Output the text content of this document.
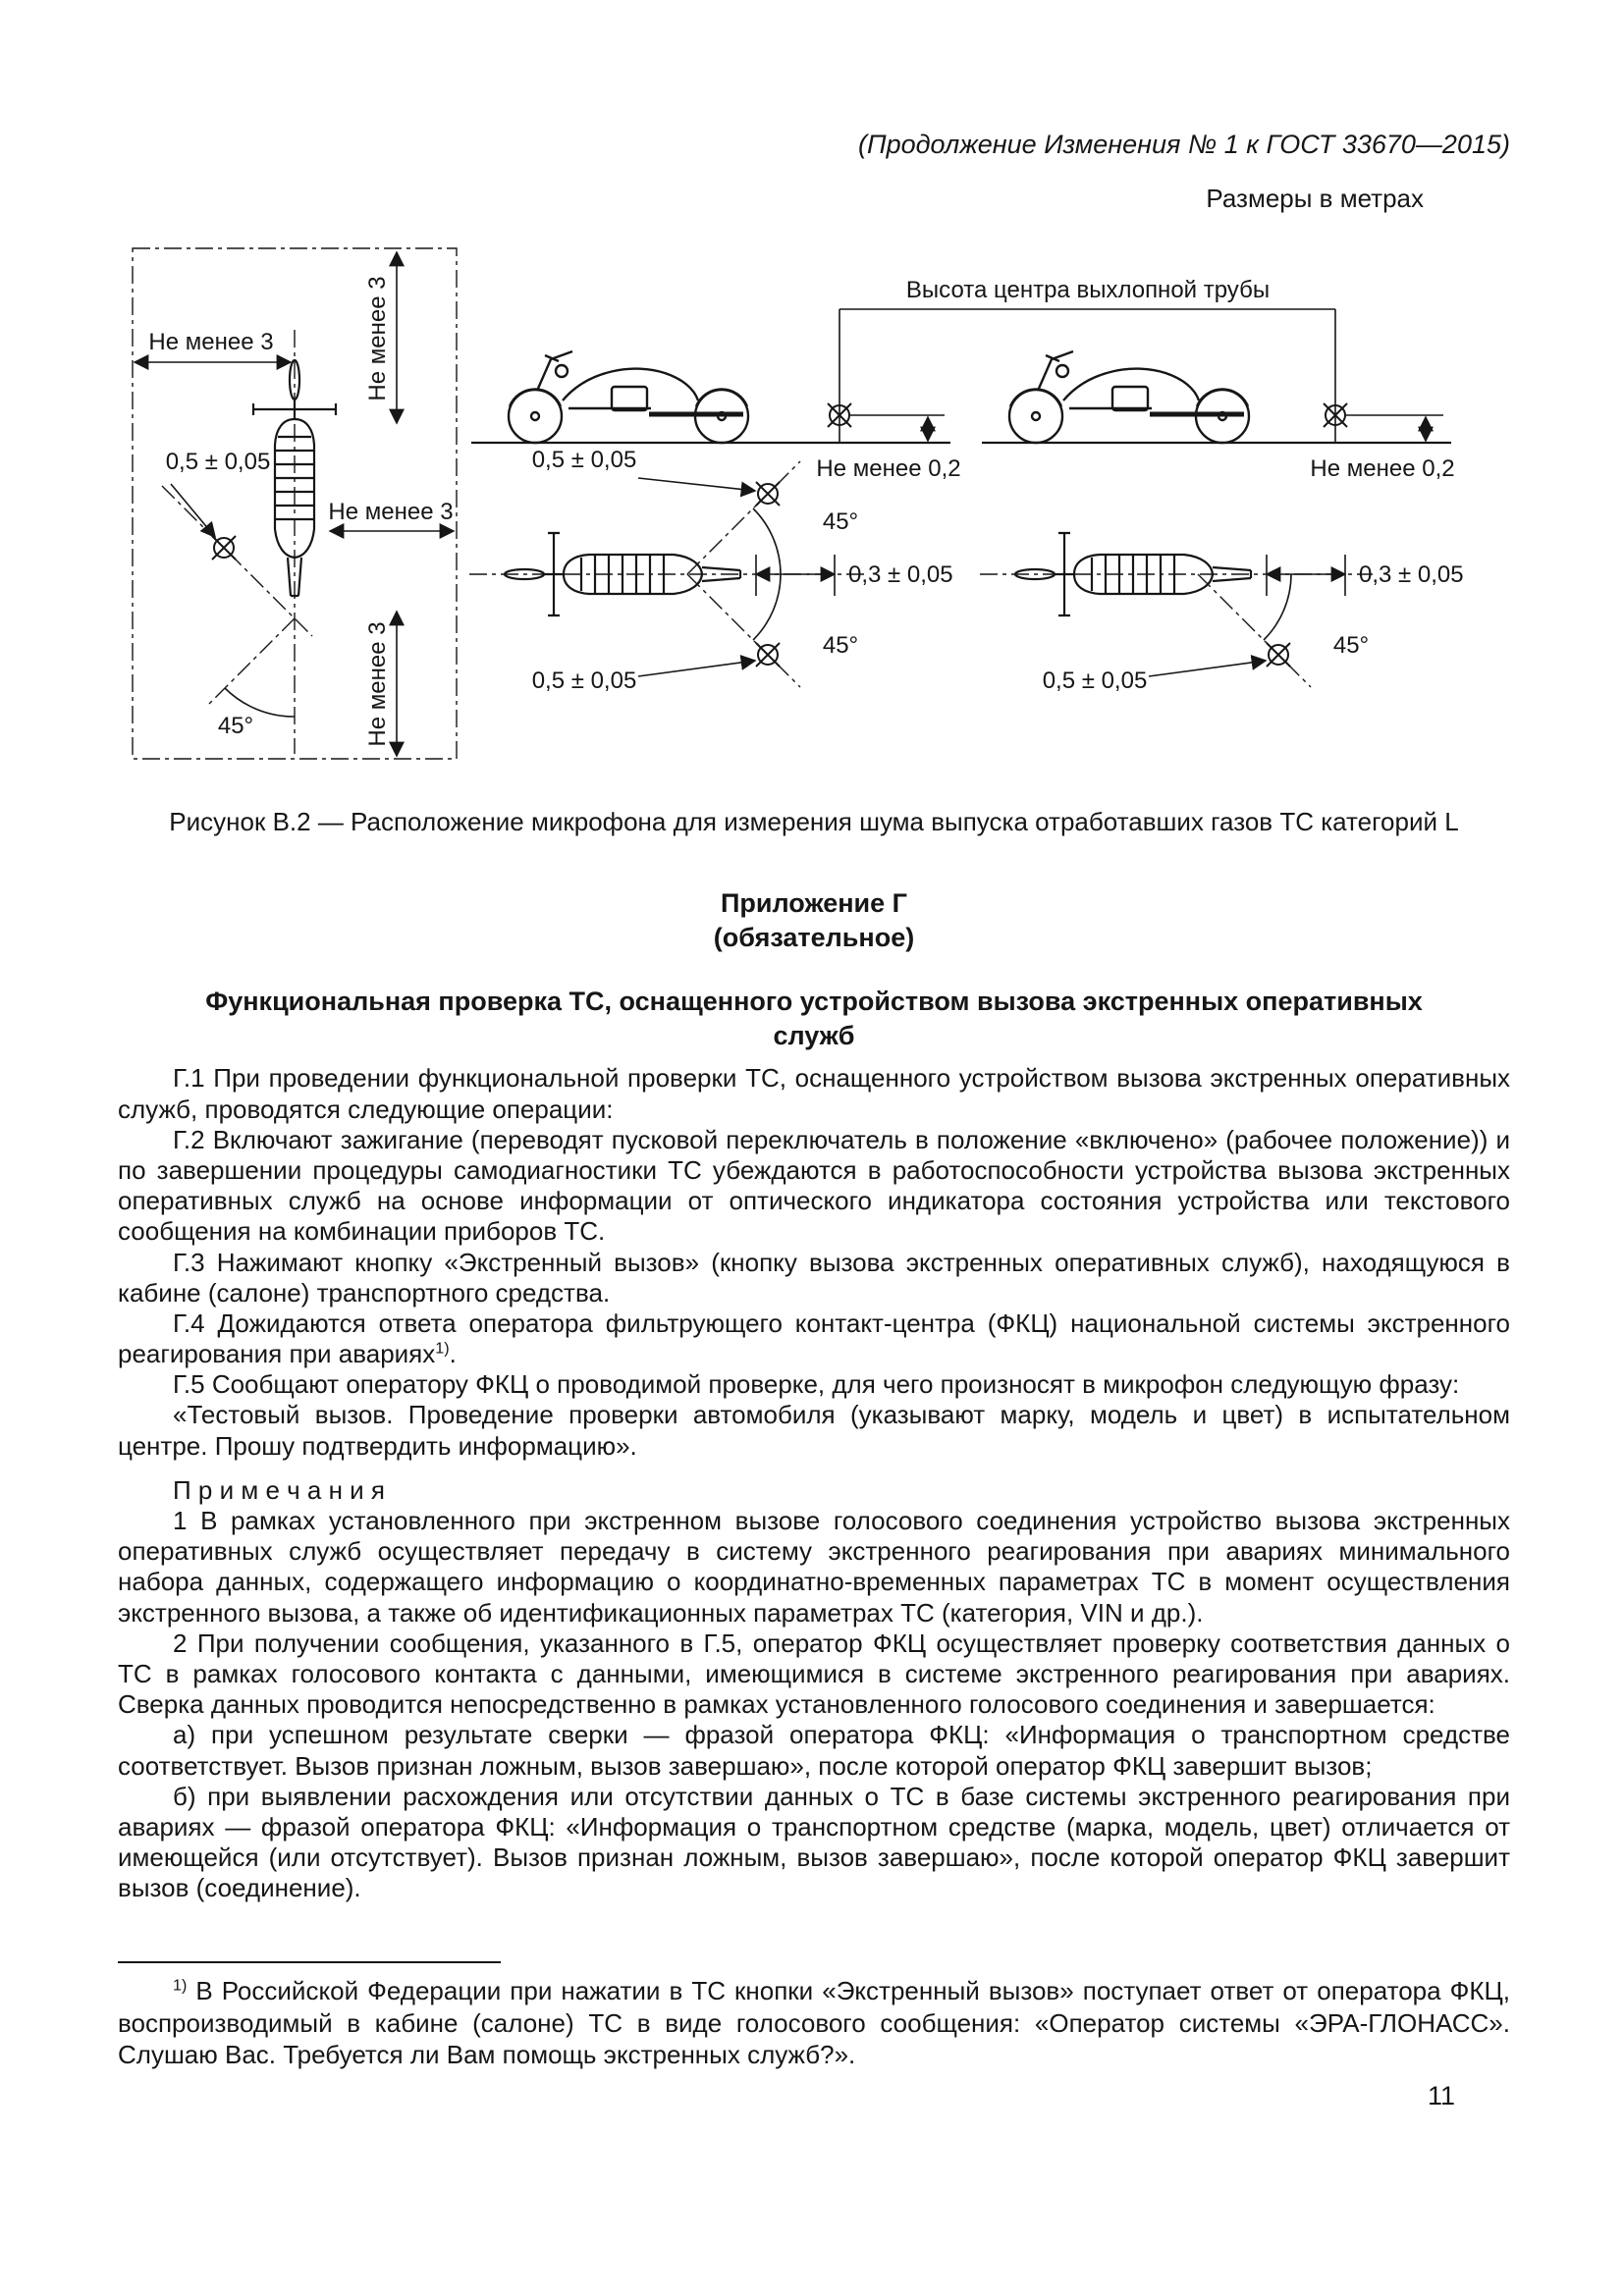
(Продолжение Изменения № 1 к ГОСТ 33670—2015)
Размеры в метрах
Не менее 3	Не менее 3
Не менее 3
Не менее 3
0,5 ± 0,05
45°
Высота центра выхлопной трубы
Не менее 0,2
0,5 ± 0,05
45°
0,5 ± 0,05
45°
0,3 ± 0,05
Не менее 0,2
0,5 ± 0,05
45°
0,3 ± 0,05
Рисунок В.2 — Расположение микрофона для измерения шума выпуска отработавших газов ТС категорий L
Приложение Г
(обязательное)
Функциональная проверка ТС, оснащенного устройством вызова экстренных оперативных служб

Г.1 При проведении функциональной проверки ТС, оснащенного устройством вызова экстренных оперативных служб, проводятся следующие операции:

Г.2 Включают зажигание (переводят пусковой переключатель в положение «включено» (рабочее положение)) и по завершении процедуры самодиагностики ТС убеждаются в работоспособности устройства вызова экстренных оперативных служб на основе информации от оптического индикатора состояния устройства или текстового сообщения на комбинации приборов ТС.

Г.3 Нажимают кнопку «Экстренный вызов» (кнопку вызова экстренных оперативных служб), находящуюся в кабине (салоне) транспортного средства.

Г.4 Дожидаются ответа оператора фильтрующего контакт-центра (ФКЦ) национальной системы экстренного реагирования при авариях$^{1)}$.

Г.5 Сообщают оператору ФКЦ о проводимой проверке, для чего произносят в микрофон следующую фразу:

«Тестовый вызов. Проведение проверки автомобиля (указывают марку, модель и цвет) в испытательном центре. Прошу подтвердить информацию».

П р и м е ч а н и я

1 В рамках установленного при экстренном вызове голосового соединения устройство вызова экстренных оперативных служб осуществляет передачу в систему экстренного реагирования при авариях минимального набора данных, содержащего информацию о координатно-временных параметрах ТС в момент осуществления экстренного вызова, а также об идентификационных параметрах ТС (категория, VIN и др.).

2 При получении сообщения, указанного в Г.5, оператор ФКЦ осуществляет проверку соответствия данных о ТС в рамках голосового контакта с данными, имеющимися в системе экстренного реагирования при авариях. Сверка данных проводится непосредственно в рамках установленного голосового соединения и завершается:

а) при успешном результате сверки — фразой оператора ФКЦ: «Информация о транспортном средстве соответствует. Вызов признан ложным, вызов завершаю», после которой оператор ФКЦ завершит вызов;

б) при выявлении расхождения или отсутствии данных о ТС в базе системы экстренного реагирования при авариях — фразой оператора ФКЦ: «Информация о транспортном средстве (марка, модель, цвет) отличается от имеющейся (или отсутствует). Вызов признан ложным, вызов завершаю», после которой оператор ФКЦ завершит вызов (соединение).

$^{1)}$ В Российской Федерации при нажатии в ТС кнопки «Экстренный вызов» поступает ответ от оператора ФКЦ, воспроизводимый в кабине (салоне) ТС в виде голосового сообщения: «Оператор системы «ЭРА-ГЛОНАСС». Слушаю Вас. Требуется ли Вам помощь экстренных служб?».

11
